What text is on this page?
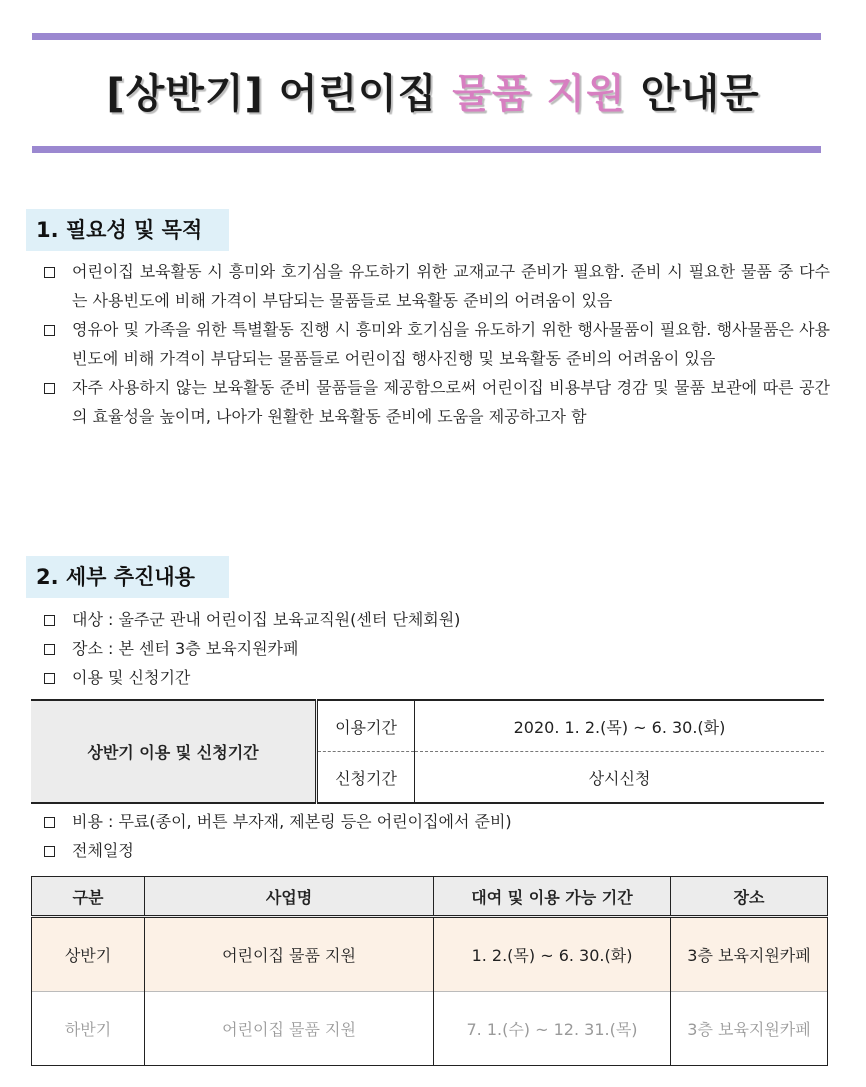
[상반기] 어린이집 물품 지원 안내문
1. 필요성 및 목적
어린이집 보육활동 시 흥미와 호기심을 유도하기 위한 교재교구 준비가 필요함. 준비 시 필요한 물품 중 다수는 사용빈도에 비해 가격이 부담되는 물품들로 보육활동 준비의 어려움이 있음
영유아 및 가족을 위한 특별활동 진행 시 흥미와 호기심을 유도하기 위한 행사물품이 필요함. 행사물품은 사용빈도에 비해 가격이 부담되는 물품들로 어린이집 행사진행 및 보육활동 준비의 어려움이 있음
자주 사용하지 않는 보육활동 준비 물품들을 제공함으로써 어린이집 비용부담 경감 및 물품 보관에 따른 공간의 효율성을 높이며, 나아가 원활한 보육활동 준비에 도움을 제공하고자 함
2. 세부 추진내용
대상 : 울주군 관내 어린이집 보육교직원(센터 단체회원)
장소 : 본 센터 3층 보육지원카페
이용 및 신청기간
상반기 이용 및 신청기간	이용기간	2020. 1. 2.(목) ~ 6. 30.(화)
	신청기간	상시신청
비용 : 무료(종이, 버튼 부자재, 제본링 등은 어린이집에서 준비)
전체일정
구분	사업명	대여 및 이용 가능 기간	장소
상반기	어린이집 물품 지원	1. 2.(목) ~ 6. 30.(화)	3층 보육지원카페
하반기	어린이집 물품 지원	7. 1.(수) ~ 12. 31.(목)	3층 보육지원카페
